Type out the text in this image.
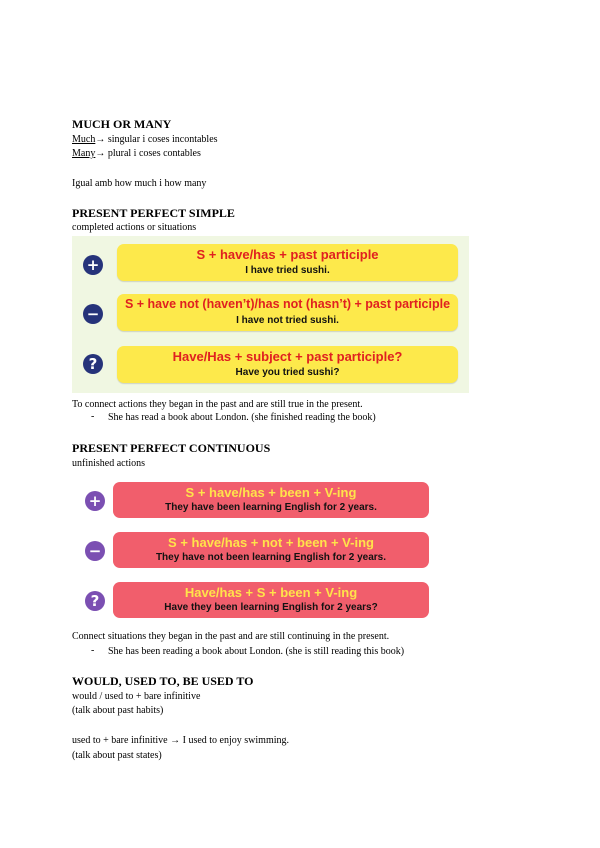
MUCH OR MANY
Much→ singular i coses incontables
Many→ plural i coses contables
Igual amb how much i how many
PRESENT PERFECT SIMPLE
completed actions or situations
+
S + have/has + past participle
I have tried sushi.
−
S + have not (haven’t)/has not (hasn’t) + past participle
I have not tried sushi.
?	Have/Has + subject + past participle?
Have you tried sushi?
To connect actions they began in the past and are still true in the present.
- She has read a book about London. (she finished reading the book)
PRESENT PERFECT CONTINUOUS
unfinished actions
+	S + have/has + been + V-ing
They have been learning English for 2 years.
−	S + have/has + not + been + V-ing
They have not been learning English for 2 years.
?	Have/has + S + been + V-ing
Have they been learning English for 2 years?
Connect situations they began in the past and are still continuing in the present.
- She has been reading a book about London. (she is still reading this book)
WOULD, USED TO, BE USED TO
would / used to + bare infinitive
(talk about past habits)
used to + bare infinitive → I used to enjoy swimming.
(talk about past states)
